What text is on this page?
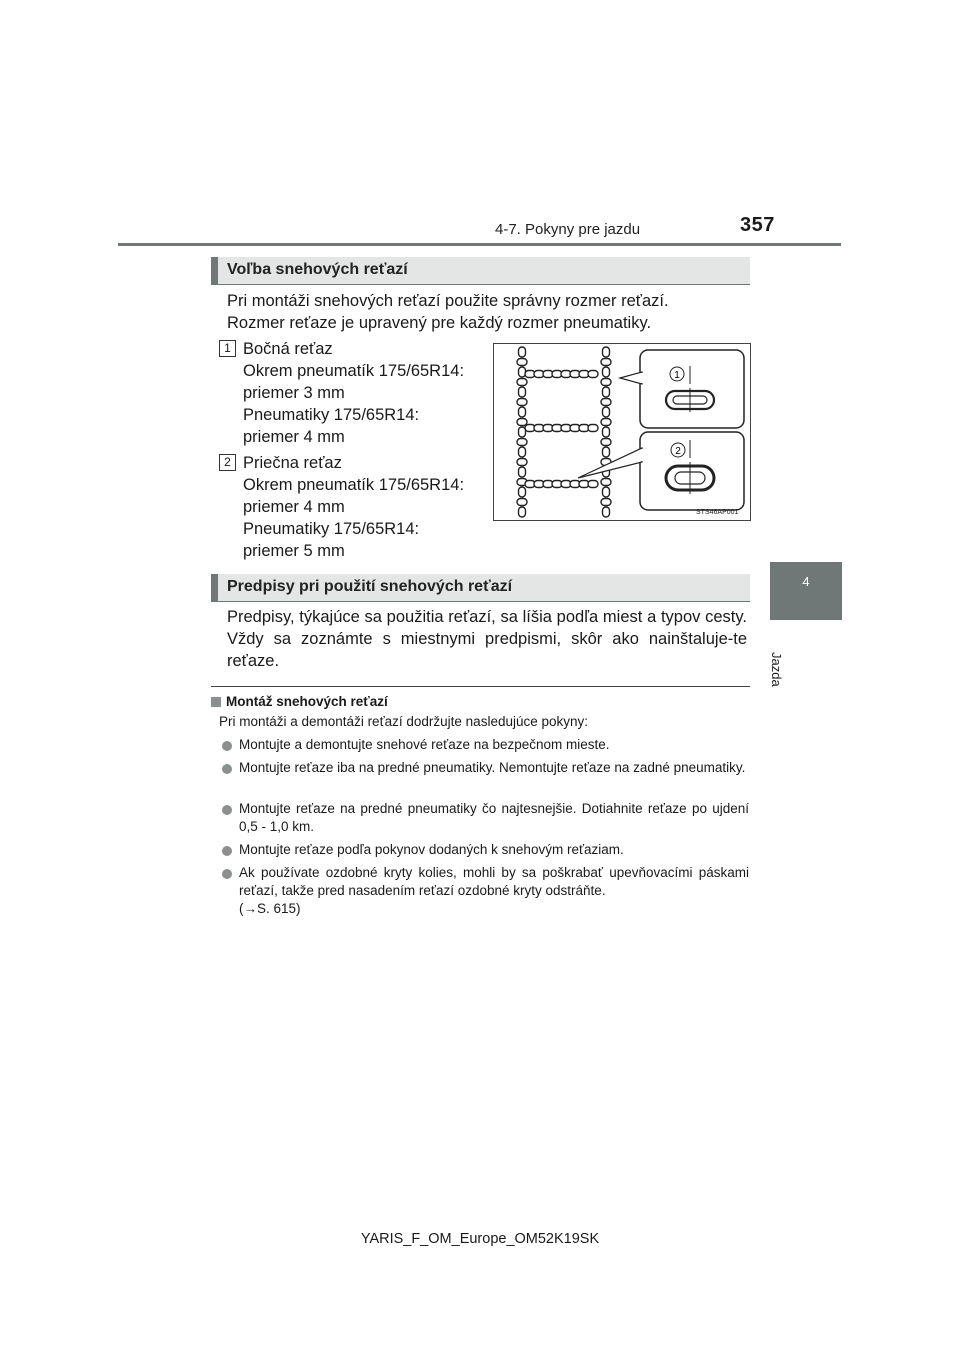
4-7. Pokyny pre jazdu	357
4
Jazda
Voľba snehových reťazí
Pri montáži snehových reťazí použite správny rozmer reťazí. Rozmer reťaze je upravený pre každý rozmer pneumatiky.
1 Bočná reťaz
Okrem pneumatík 175/65R14:
priemer 3 mm
Pneumatiky 175/65R14:
priemer 4 mm
2 Priečna reťaz
Okrem pneumatík 175/65R14:
priemer 4 mm
Pneumatiky 175/65R14:
priemer 5 mm
1
2
STS46AP001
Predpisy pri použití snehových reťazí
Predpisy, týkajúce sa použitia reťazí, sa líšia podľa miest a typov cesty. Vždy sa zoznámte s miestnymi predpismi, skôr ako nainštaluje-te reťaze.
Montáž snehových reťazí
Pri montáži a demontáži reťazí dodržujte nasledujúce pokyny:
Montujte a demontujte snehové reťaze na bezpečnom mieste.
Montujte reťaze iba na predné pneumatiky. Nemontujte reťaze na zadné pneumatiky.
Montujte reťaze na predné pneumatiky čo najtesnejšie. Dotiahnite reťaze po ujdení 0,5 - 1,0 km.
Montujte reťaze podľa pokynov dodaných k snehovým reťaziam.
Ak používate ozdobné kryty kolies, mohli by sa poškrabať upevňovacími páskami reťazí, takže pred nasadením reťazí ozdobné kryty odstráňte.
(→S. 615)
YARIS_F_OM_Europe_OM52K19SK
